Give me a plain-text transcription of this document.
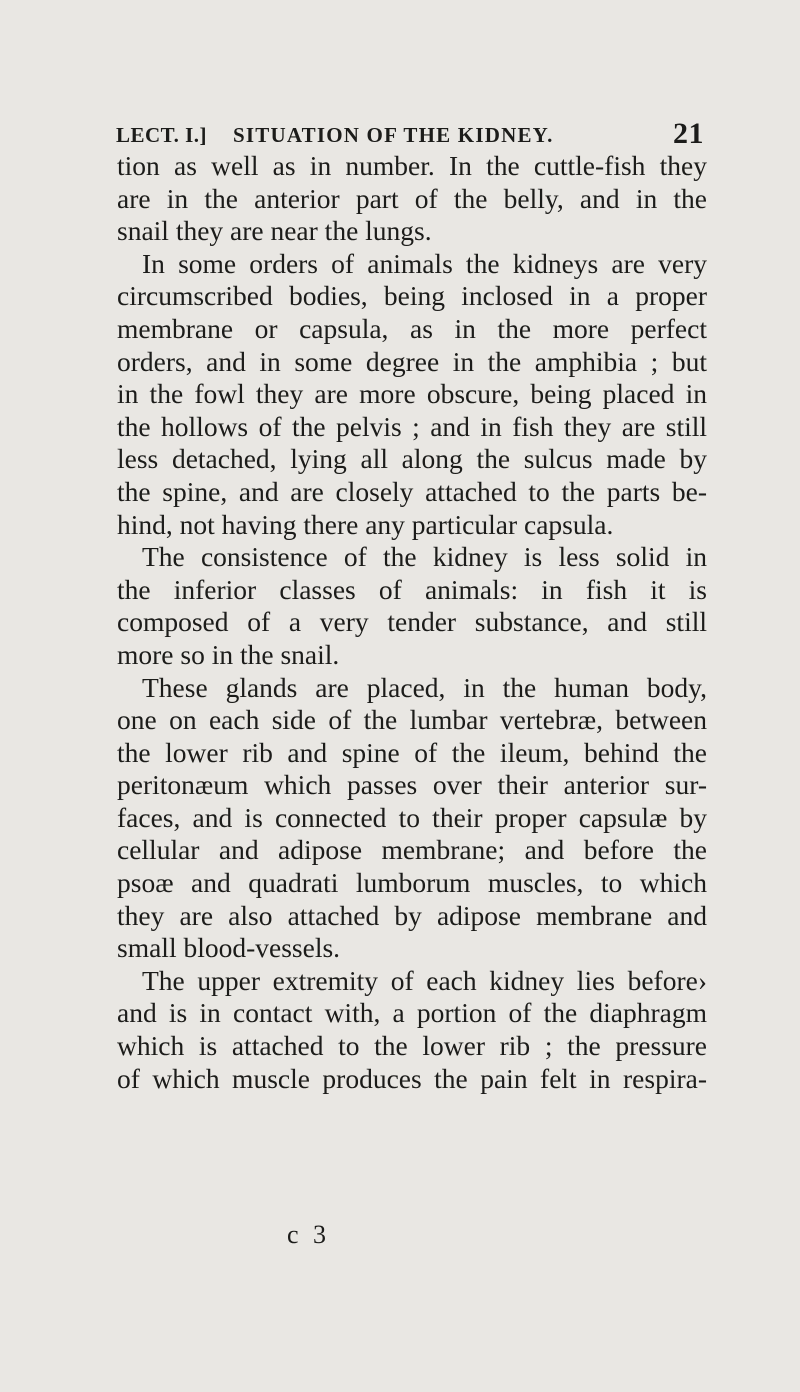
LECT. I.] SITUATION OF THE KIDNEY.	21
tion as well as in number. In the cuttle-fish they
are in the anterior part of the belly, and in the
snail they are near the lungs.
In some orders of animals the kidneys are very
circumscribed bodies, being inclosed in a proper
membrane or capsula, as in the more perfect
orders, and in some degree in the amphibia ; but
in the fowl they are more obscure, being placed in
the hollows of the pelvis ; and in fish they are still
less detached, lying all along the sulcus made by
the spine, and are closely attached to the parts be-
hind, not having there any particular capsula.
The consistence of the kidney is less solid in
the inferior classes of animals: in fish it is
composed of a very tender substance, and still
more so in the snail.
These glands are placed, in the human body,
one on each side of the lumbar vertebræ, between
the lower rib and spine of the ileum, behind the
peritonæum which passes over their anterior sur-
faces, and is connected to their proper capsulæ by
cellular and adipose membrane; and before the
psoæ and quadrati lumborum muscles, to which
they are also attached by adipose membrane and
small blood-vessels.
The upper extremity of each kidney lies before›
and is in contact with, a portion of the diaphragm
which is attached to the lower rib ; the pressure
of which muscle produces the pain felt in respira-
c 3
